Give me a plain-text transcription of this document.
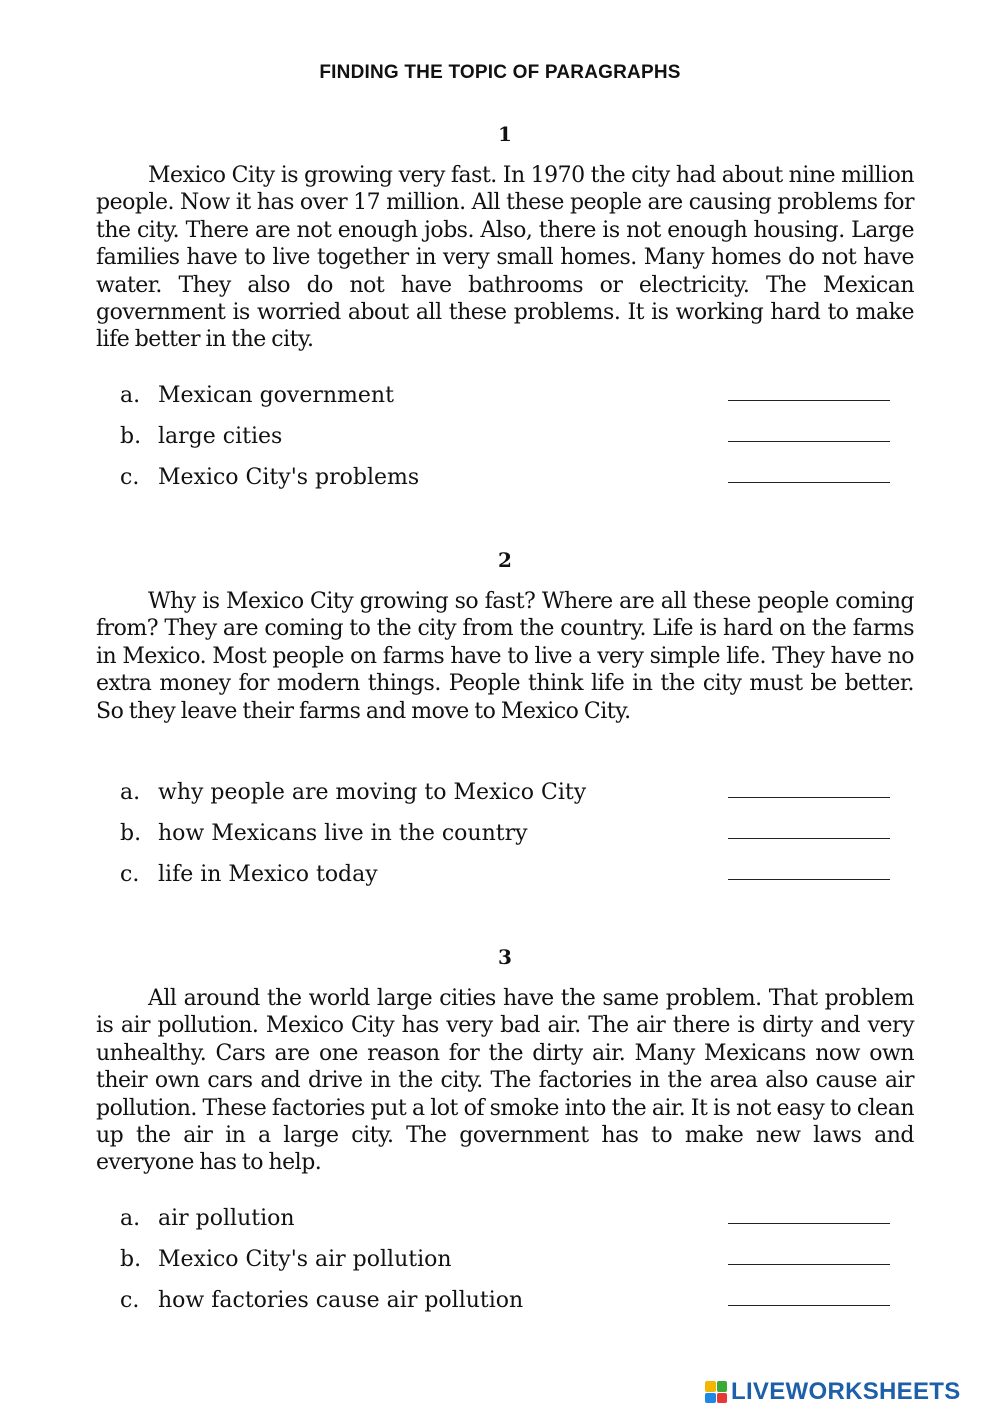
FINDING THE TOPIC OF PARAGRAPHS
1
Mexico City is growing very fast. In 1970 the city had about nine million people. Now it has over 17 million. All these people are causing problems for the city. There are not enough jobs. Also, there is not enough housing. Large families have to live together in very small homes. Many homes do not have water. They also do not have bathrooms or electricity. The Mexican government is worried about all these problems. It is working hard to make life better in the city.
a. Mexican government
b. large cities
c. Mexico City's problems
2
Why is Mexico City growing so fast? Where are all these people coming from? They are coming to the city from the country. Life is hard on the farms in Mexico. Most people on farms have to live a very simple life. They have no extra money for modern things. People think life in the city must be better. So they leave their farms and move to Mexico City.
a. why people are moving to Mexico City
b. how Mexicans live in the country
c. life in Mexico today
3
All around the world large cities have the same problem. That problem is air pollution. Mexico City has very bad air. The air there is dirty and very unhealthy. Cars are one reason for the dirty air. Many Mexicans now own their own cars and drive in the city. The factories in the area also cause air pollution. These factories put a lot of smoke into the air. It is not easy to clean up the air in a large city. The government has to make new laws and everyone has to help.
a. air pollution
b. Mexico City's air pollution
c. how factories cause air pollution
LIVEWORKSHEETS
